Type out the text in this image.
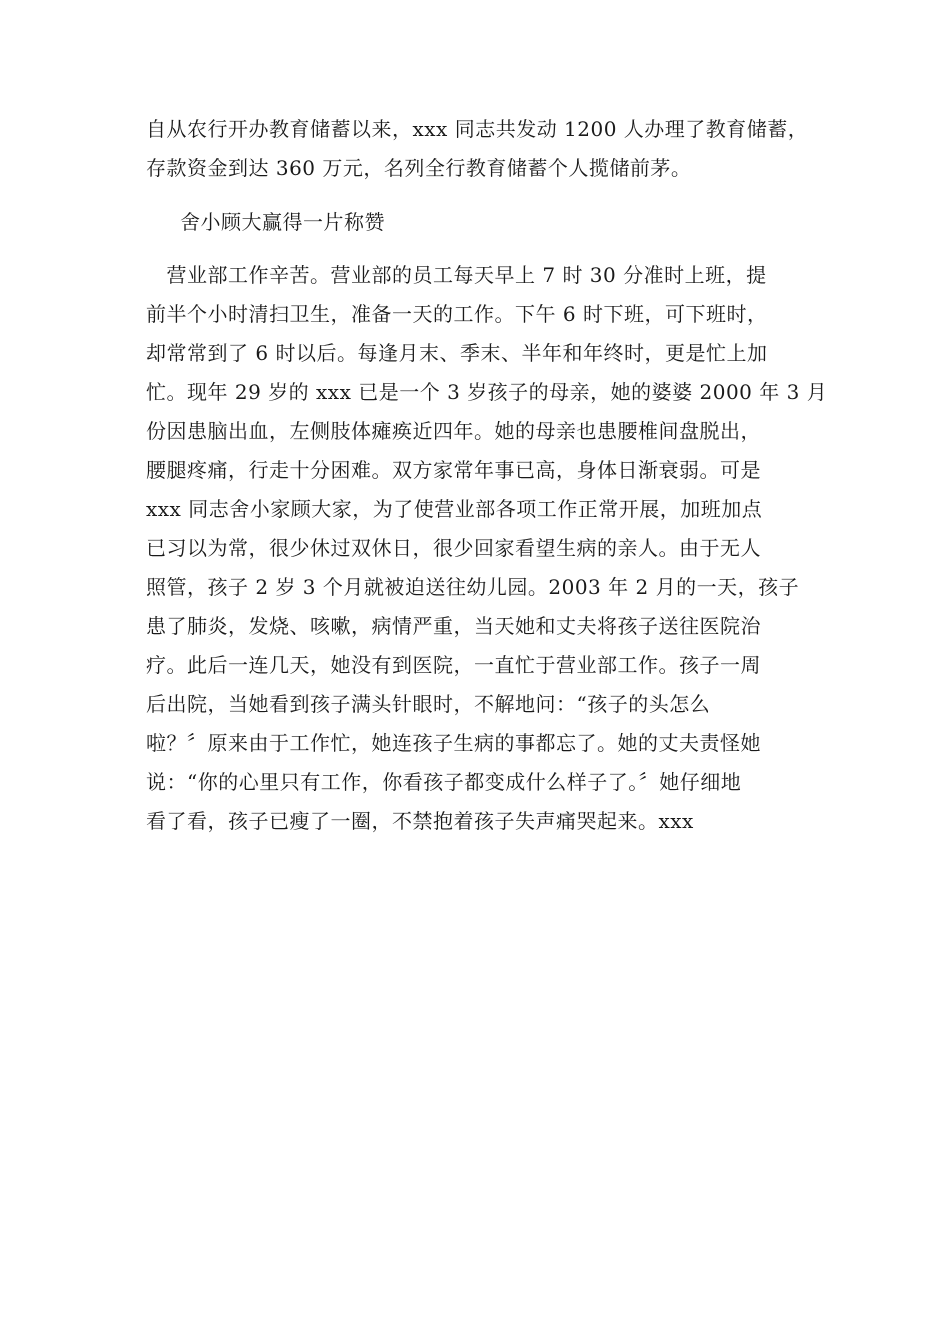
自从农行开办教育储蓄以来，xxx 同志共发动 1200 人办理了教育储蓄，
存款资金到达 360 万元，名列全行教育储蓄个人揽储前茅。
舍小顾大赢得一片称赞
　营业部工作辛苦。营业部的员工每天早上 7 时 30 分准时上班，提
前半个小时清扫卫生，准备一天的工作。下午 6 时下班，可下班时，
却常常到了 6 时以后。每逢月末、季末、半年和年终时，更是忙上加
忙。现年 29 岁的 xxx 已是一个 3 岁孩子的母亲，她的婆婆 2000 年 3 月
份因患脑出血，左侧肢体瘫痪近四年。她的母亲也患腰椎间盘脱出，
腰腿疼痛，行走十分困难。双方家常年事已高，身体日渐衰弱。可是
xxx 同志舍小家顾大家，为了使营业部各项工作正常开展，加班加点
已习以为常，很少休过双休日，很少回家看望生病的亲人。由于无人
照管，孩子 2 岁 3 个月就被迫送往幼儿园。2003 年 2 月的一天，孩子
患了肺炎，发烧、咳嗽，病情严重，当天她和丈夫将孩子送往医院治
疗。此后一连几天，她没有到医院，一直忙于营业部工作。孩子一周
后出院，当她看到孩子满头针眼时，不解地问：“孩子的头怎么
啦？〞原来由于工作忙，她连孩子生病的事都忘了。她的丈夫责怪她
说：“你的心里只有工作，你看孩子都变成什么样子了。〞她仔细地
看了看，孩子已瘦了一圈，不禁抱着孩子失声痛哭起来。xxx
